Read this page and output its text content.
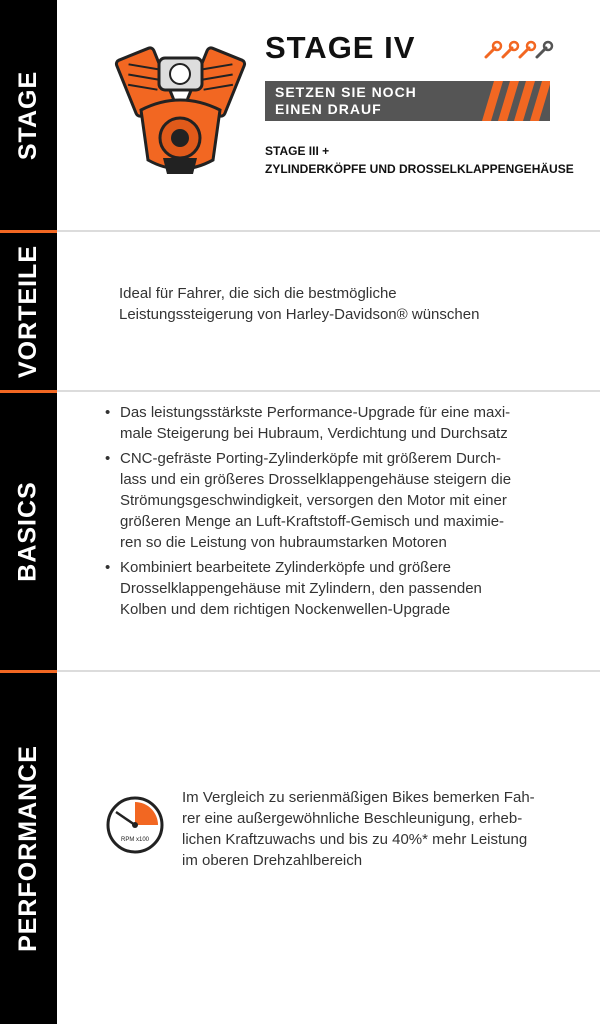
STAGE
VORTEILE
BASICS
PERFORMANCE
STAGE IV
SETZEN SIE NOCH
EINEN DRAUF
STAGE III +
ZYLINDERKÖPFE UND DROSSELKLAPPENGEHÄUSE
Ideal für Fahrer, die sich die bestmögliche
Leistungssteigerung von Harley-Davidson® wünschen
• Das leistungsstärkste Performance-Upgrade für eine maxi-
male Steigerung bei Hubraum, Verdichtung und Durchsatz
• CNC-gefräste Porting-Zylinderköpfe mit größerem Durch-
lass und ein größeres Drosselklappengehäuse steigern die
Strömungsgeschwindigkeit, versorgen den Motor mit einer
größeren Menge an Luft-Kraftstoff-Gemisch und maximie-
ren so die Leistung von hubraumstarken Motoren
• Kombiniert bearbeitete Zylinderköpfe und größere
Drosselklappengehäuse mit Zylindern, den passenden
Kolben und dem richtigen Nockenwellen-Upgrade
RPM x100
Im Vergleich zu serienmäßigen Bikes bemerken Fah-
rer eine außergewöhnliche Beschleunigung, erheb-
lichen Kraftzuwachs und bis zu 40%* mehr Leistung
im oberen Drehzahlbereich
